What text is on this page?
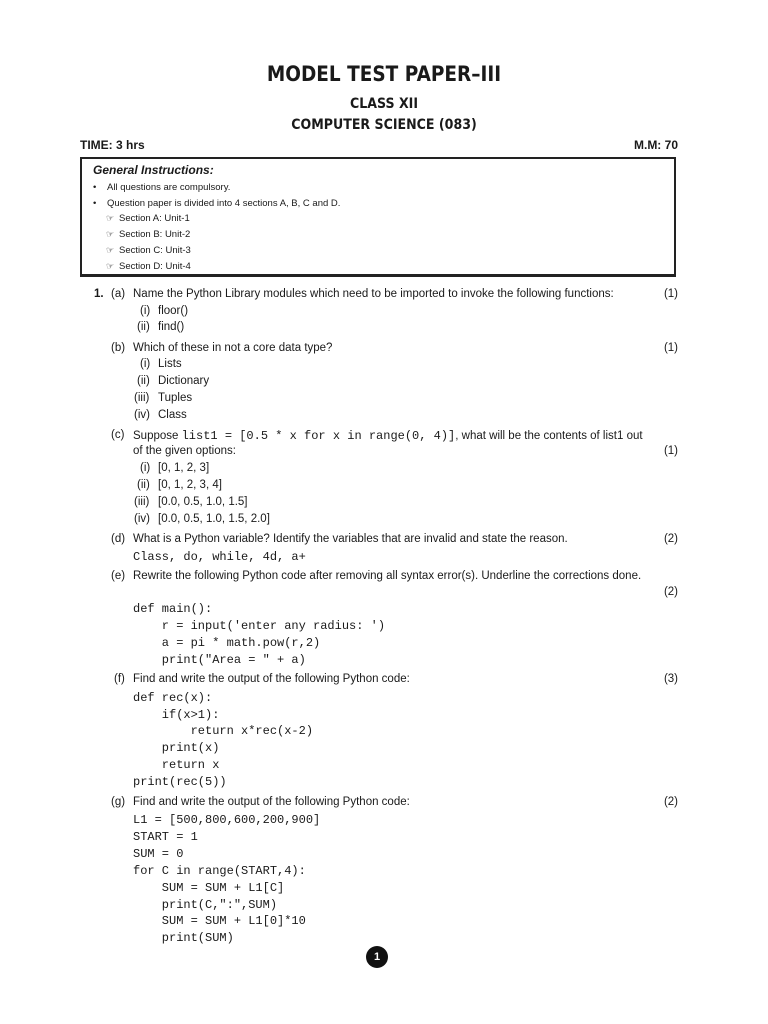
MODEL TEST PAPER–III
CLASS XII
COMPUTER SCIENCE (083)
TIME: 3 hrs	M.M: 70
General Instructions:
• All questions are compulsory.
• Question paper is divided into 4 sections A, B, C and D.
☞ Section A: Unit-1
☞ Section B: Unit-2
☞ Section C: Unit-3
☞ Section D: Unit-4
1. (a) Name the Python Library modules which need to be imported to invoke the following functions:	(1)
(i) floor()
(ii) find()
(b) Which of these in not a core data type?	(1)
(i) Lists
(ii) Dictionary
(iii) Tuples
(iv) Class
(c) Suppose list1 = [0.5 * x for x in range(0, 4)], what will be the contents of list1 out
of the given options:	(1)
(i) [0, 1, 2, 3]
(ii) [0, 1, 2, 3, 4]
(iii) [0.0, 0.5, 1.0, 1.5]
(iv) [0.0, 0.5, 1.0, 1.5, 2.0]
(d) What is a Python variable? Identify the variables that are invalid and state the reason.	(2)
Class, do, while, 4d, a+
(e) Rewrite the following Python code after removing all syntax error(s). Underline the corrections done.
(2)
def main():
r = input('enter any radius: ')
a = pi * math.pow(r,2)
print("Area = " + a)
(f) Find and write the output of the following Python code:	(3)
def rec(x):
if(x>1):
return x*rec(x-2)
print(x)
return x
print(rec(5))
(g) Find and write the output of the following Python code:	(2)
L1 = [500,800,600,200,900]
START = 1
SUM = 0
for C in range(START,4):
SUM = SUM + L1[C]
print(C,":",SUM)
SUM = SUM + L1[0]*10
print(SUM)
1
